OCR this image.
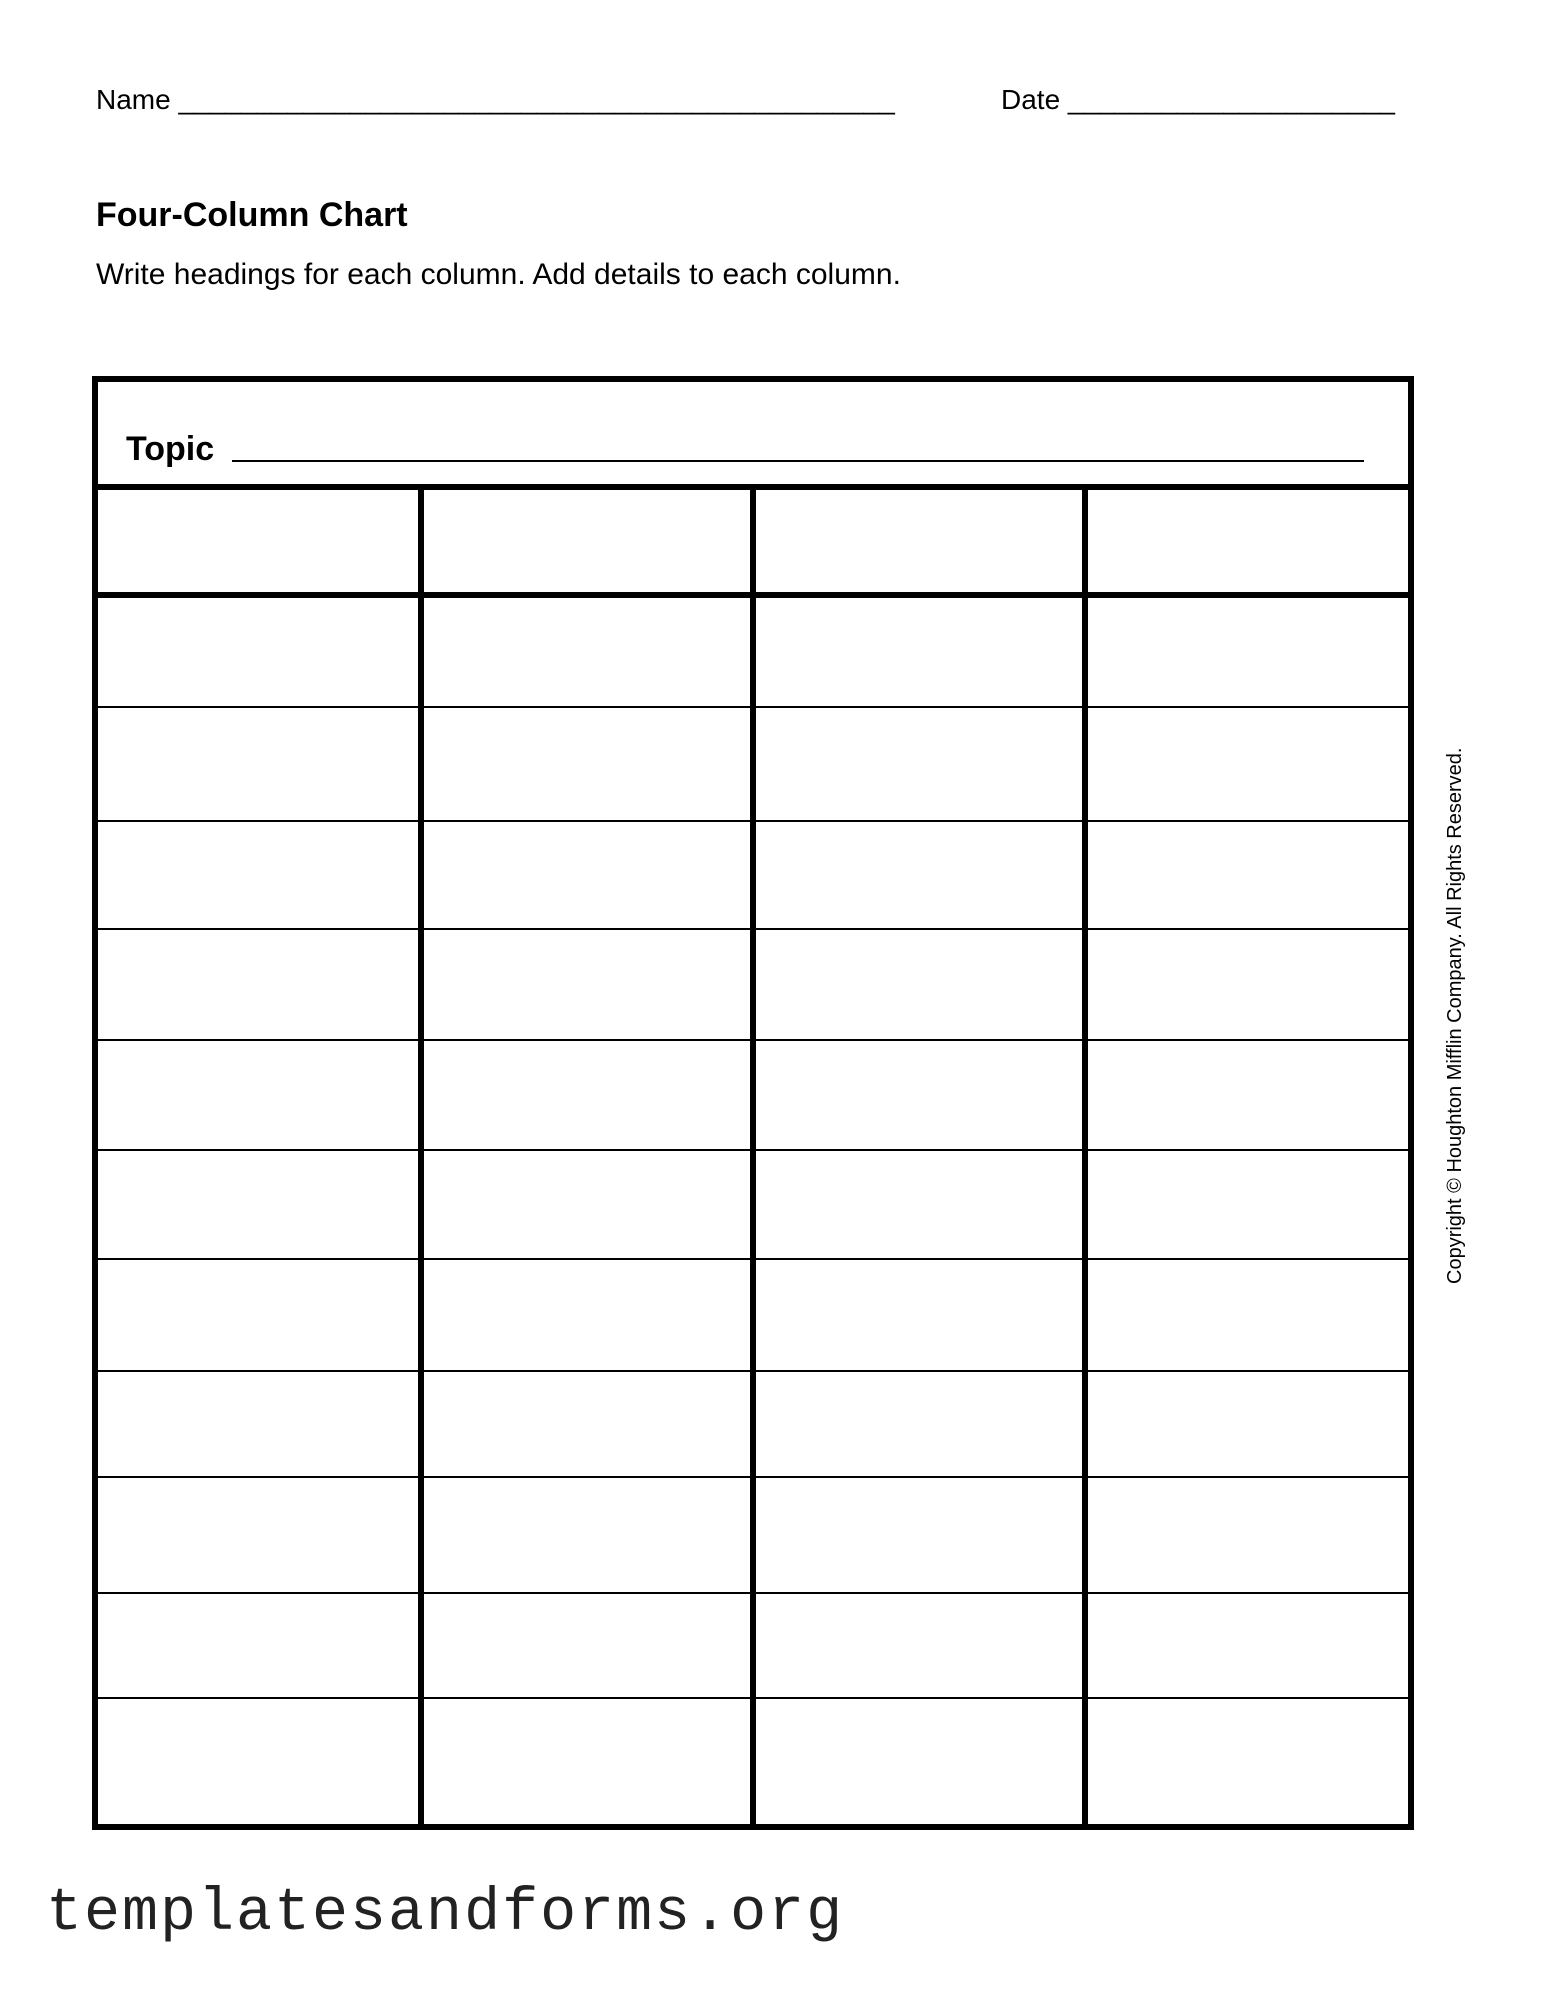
Name ______________________________________________	Date _____________________
Four-Column Chart
Write headings for each column. Add details to each column.
Topic
Copyright © Houghton Mifflin Company. All Rights Reserved.
templatesandforms.org
